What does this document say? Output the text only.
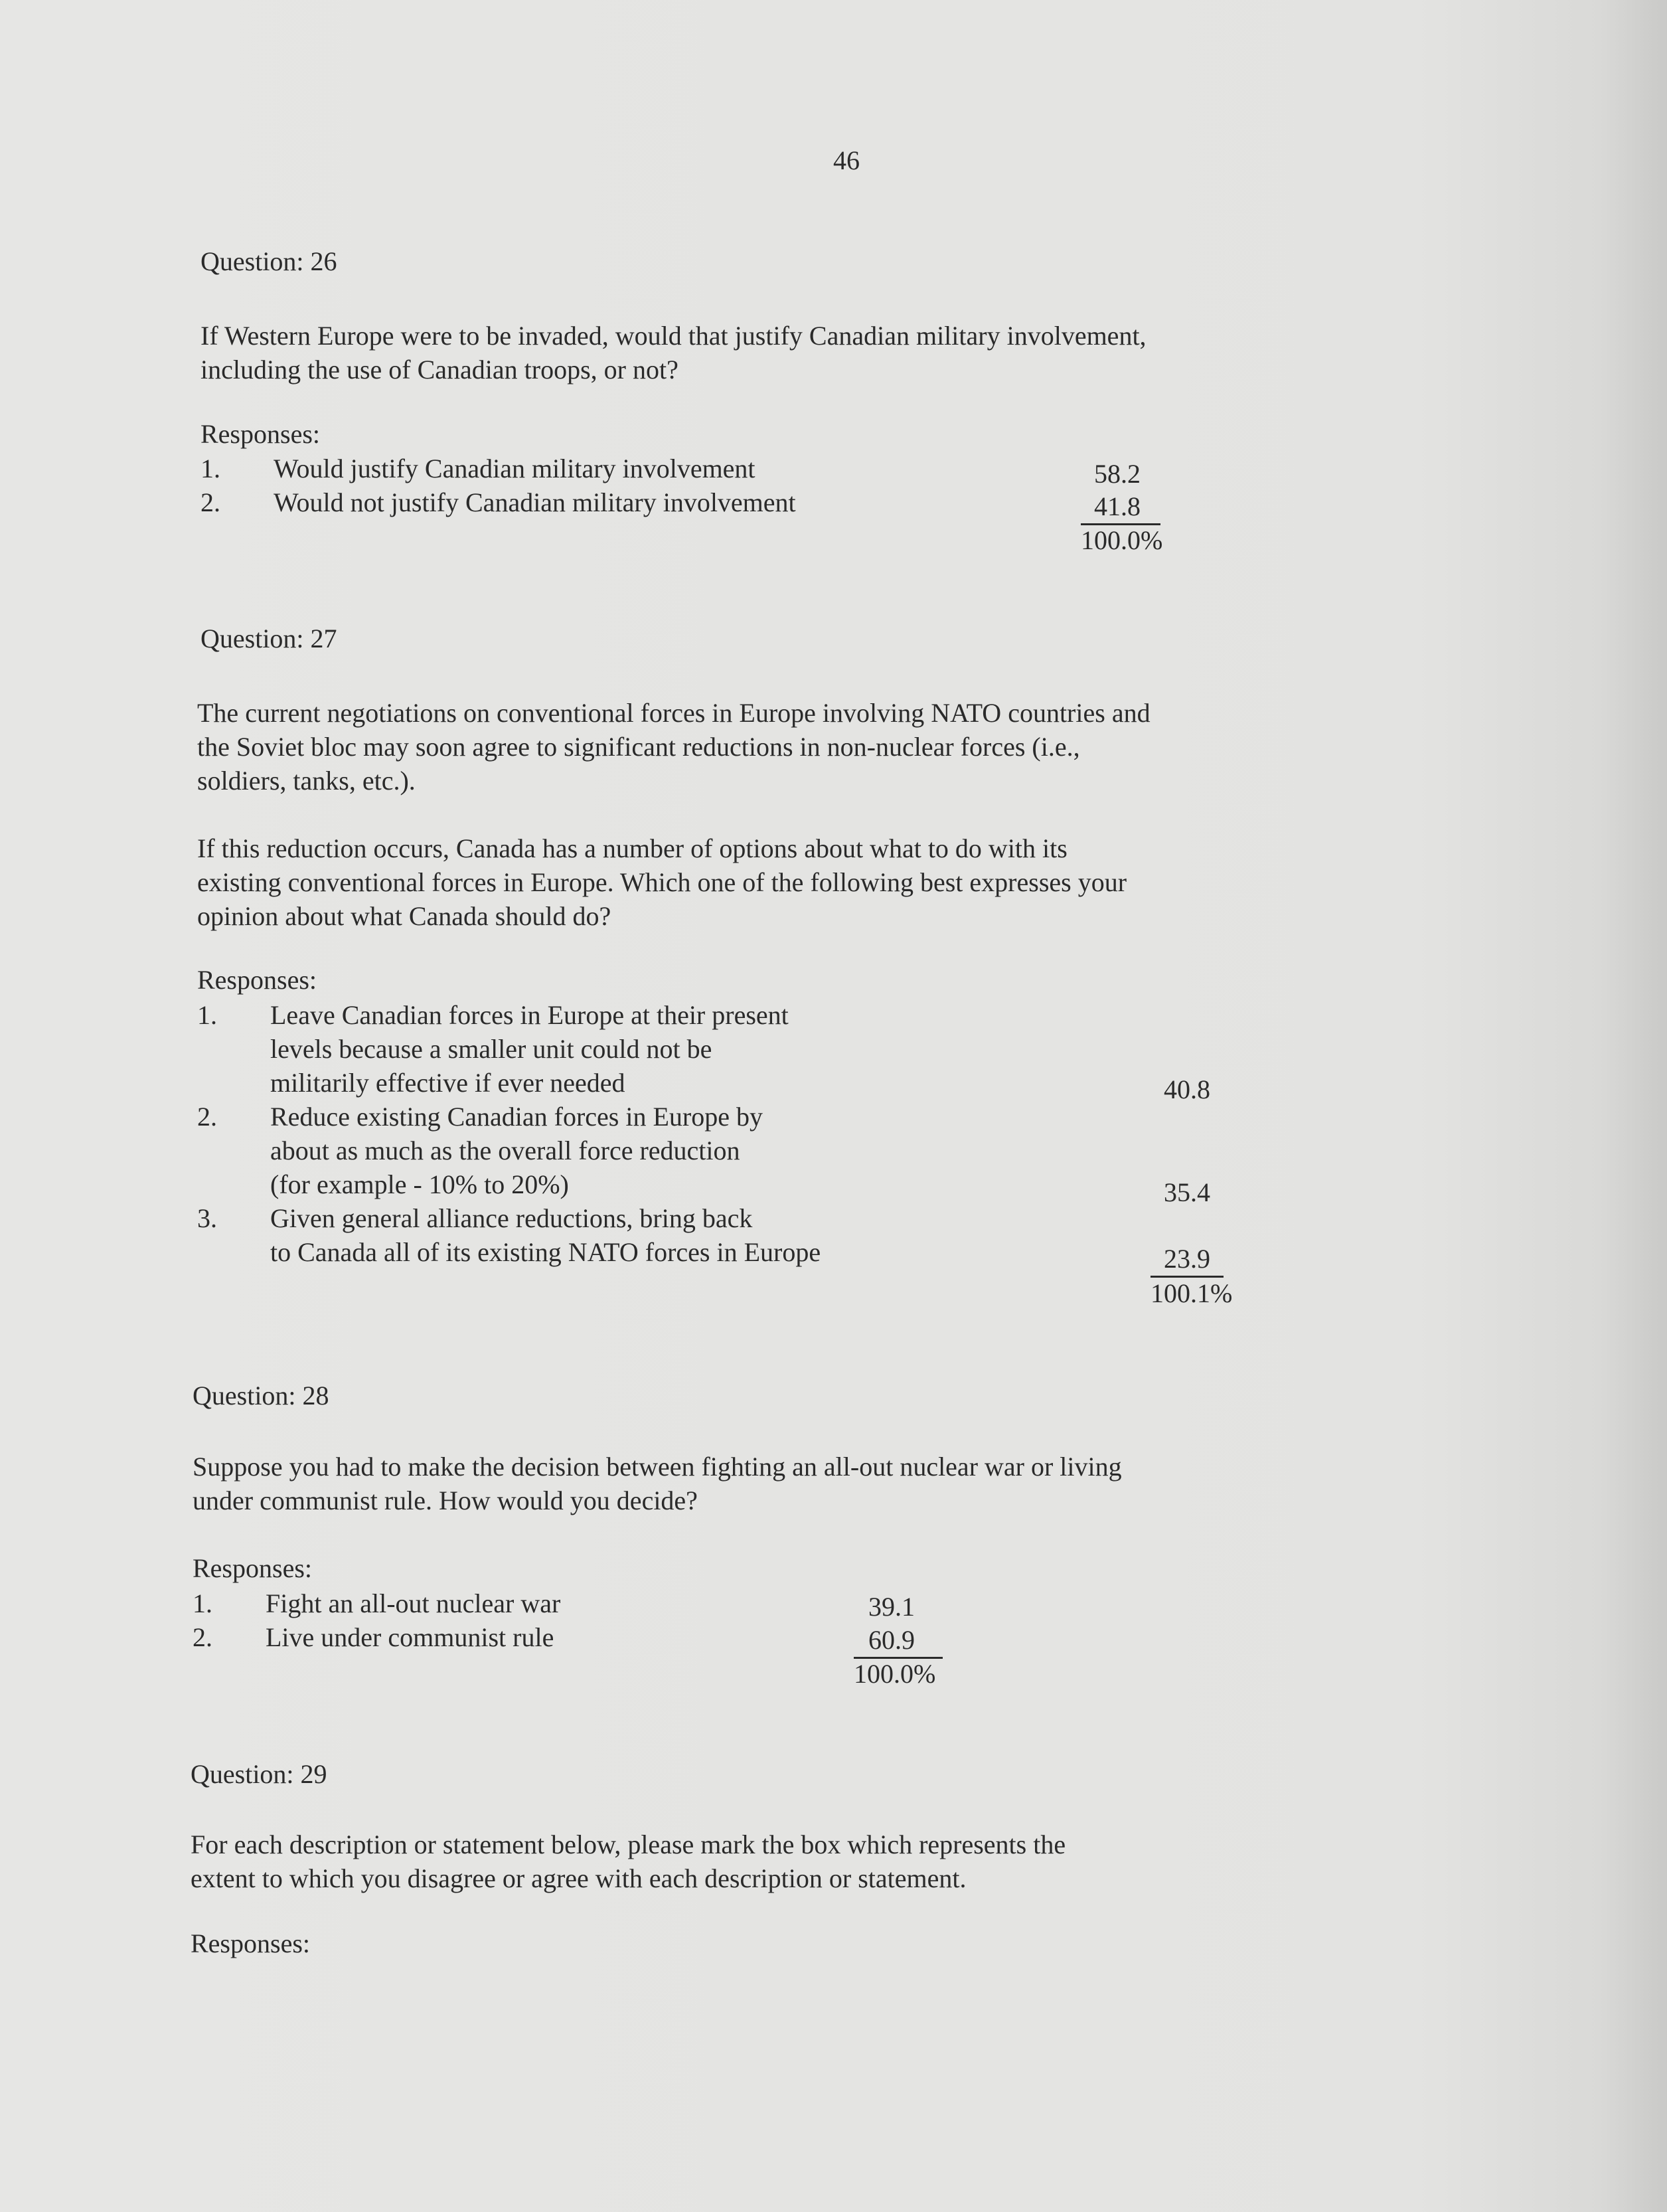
46
Question: 26

If Western Europe were to be invaded, would that justify Canadian military involvement,

including the use of Canadian troops, or not?

Responses:
1. Would justify Canadian military involvement	58.2
2. Would not justify Canadian military involvement	41.8
100.0%
Question: 27

The current negotiations on conventional forces in Europe involving NATO countries and

the Soviet bloc may soon agree to significant reductions in non-nuclear forces (i.e.,

soldiers, tanks, etc.).

If this reduction occurs, Canada has a number of options about what to do with its

existing conventional forces in Europe. Which one of the following best expresses your

opinion about what Canada should do?

Responses:
1. Leave Canadian forces in Europe at their present
levels because a smaller unit could not be
militarily effective if ever needed	40.8
2. Reduce existing Canadian forces in Europe by
about as much as the overall force reduction
(for example - 10% to 20%)	35.4
3. Given general alliance reductions, bring back
to Canada all of its existing NATO forces in Europe	23.9
100.1%
Question: 28

Suppose you had to make the decision between fighting an all-out nuclear war or living

under communist rule. How would you decide?

Responses:
1. Fight an all-out nuclear war	39.1
2. Live under communist rule	60.9
100.0%
Question: 29

For each description or statement below, please mark the box which represents the

extent to which you disagree or agree with each description or statement.

Responses:
